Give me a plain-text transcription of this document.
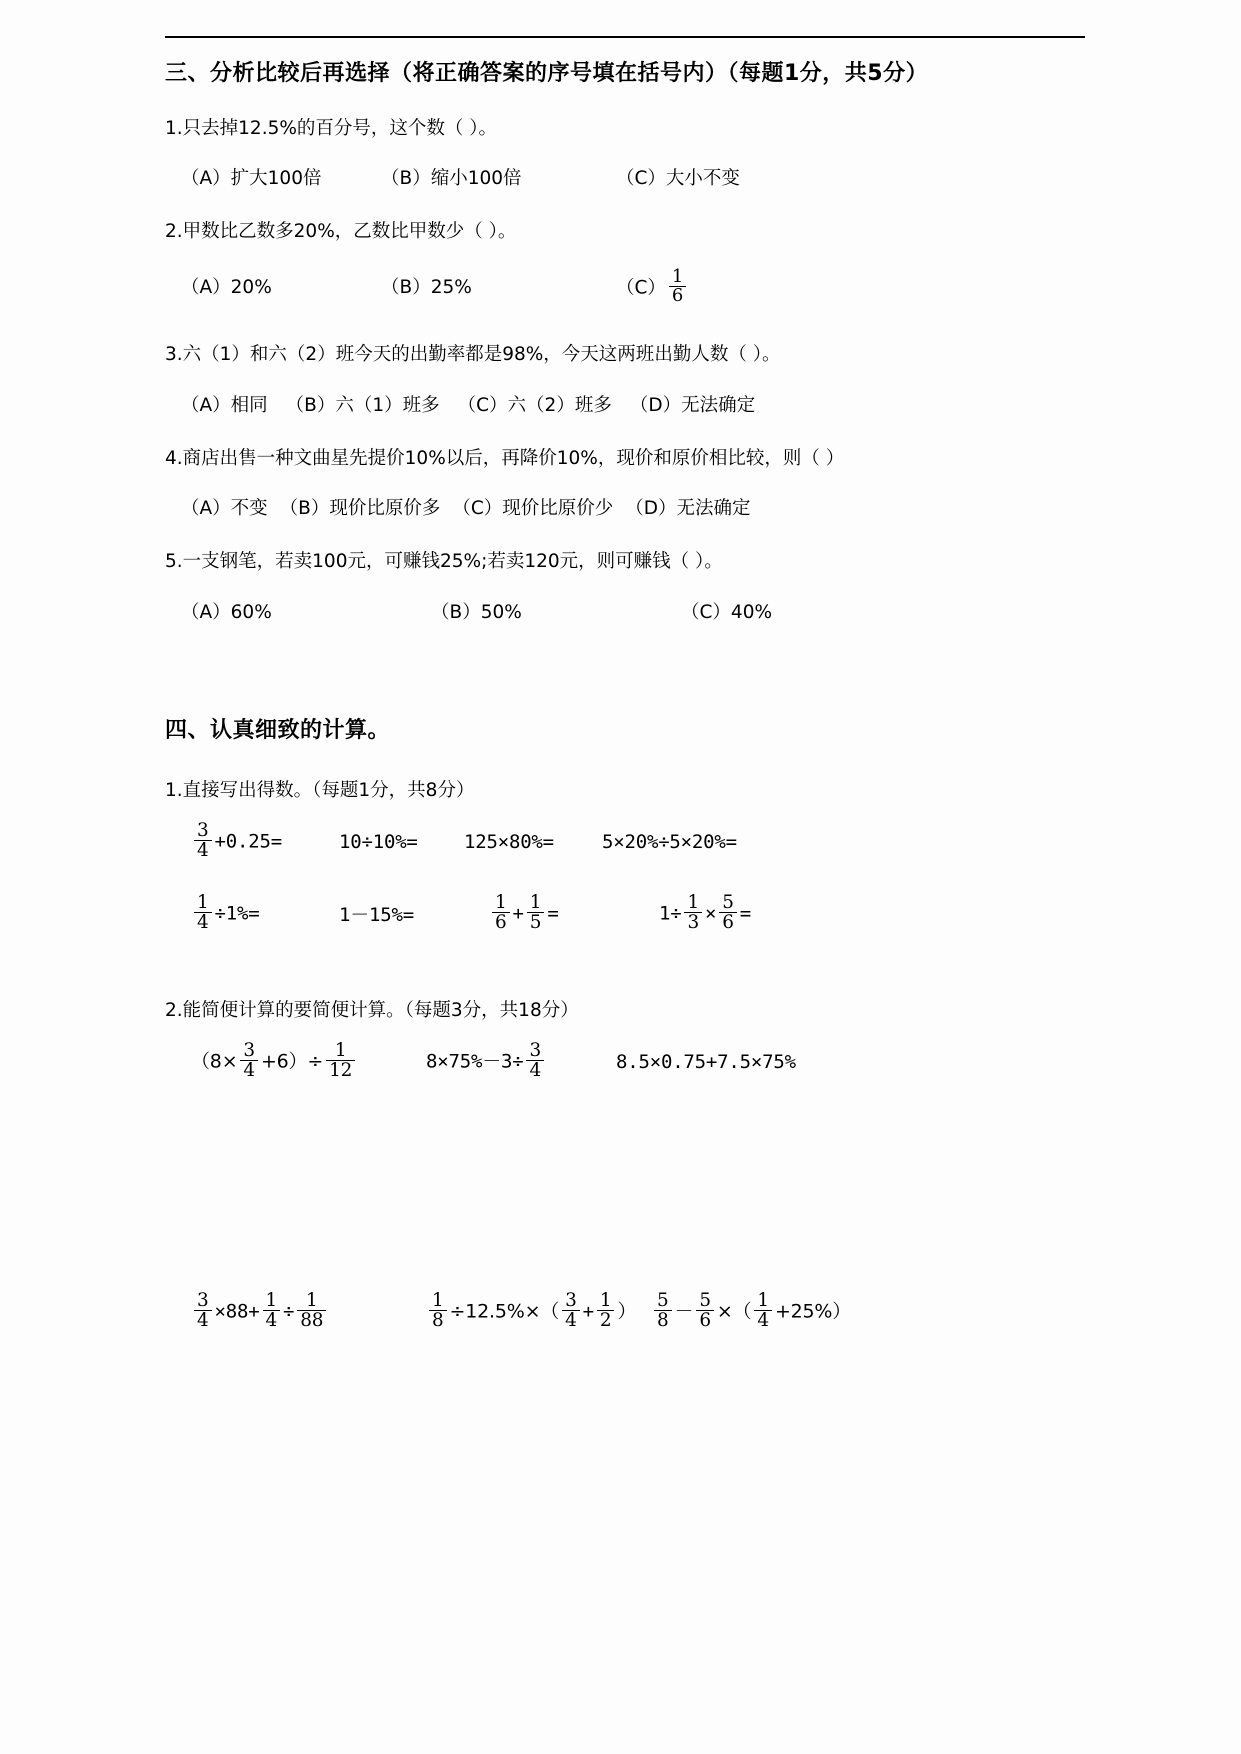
三、分析比较后再选择（将正确答案的序号填在括号内）（每题1分，共5分）
1.只去掉12.5%的百分号，这个数（ ）。
（A）扩大100倍	（B）缩小100倍	（C）大小不变
2.甲数比乙数多20%，乙数比甲数少（ ）。
（A）20%	（B）25%	$(C) \frac{1}{6}$
3.六（1）和六（2）班今天的出勤率都是98%，今天这两班出勤人数（ ）。
（A）相同 （B）六（1）班多 （C）六（2）班多 （D）无法确定
4.商店出售一种文曲星先提价10%以后，再降价10%，现价和原价相比较，则（ ）
（A）不变 （B）现价比原价多 （C）现价比原价少 （D）无法确定
5.一支钢笔，若卖100元，可赚钱25%;若卖120元，则可赚钱（ ）。
（A）60%	（B）50%	（C）40%
四、认真细致的计算。
1.直接写出得数。（每题1分，共8分）
$\frac{3}{4} +0.25=$	10÷10%= 125×80%=	5×20%÷5×20%=
$\frac{1}{4} \div 1\%=$	1－15%=	$\frac{1}{6} + \frac{1}{5}$ =	$1\div \frac{1}{3} \times \frac{5}{6}$ =
2.能简便计算的要简便计算。（每题3分，共18分）
$(8\times \frac{3}{4} +6)\div \frac{1}{12}$	$8\times 75\%-3\div \frac{3}{4}$	8.5×0.75+7.5×75%
$\frac{3}{4} \times 88+ \frac{1}{4} \div \frac{1}{88}$	$\frac{1}{8} \div 12.5\%\times( \frac{3}{4} + \frac{1}{2}$ ） $\frac{5}{8} - \frac{5}{6}$ ×（ $\frac{1}{4} +25\%$）
